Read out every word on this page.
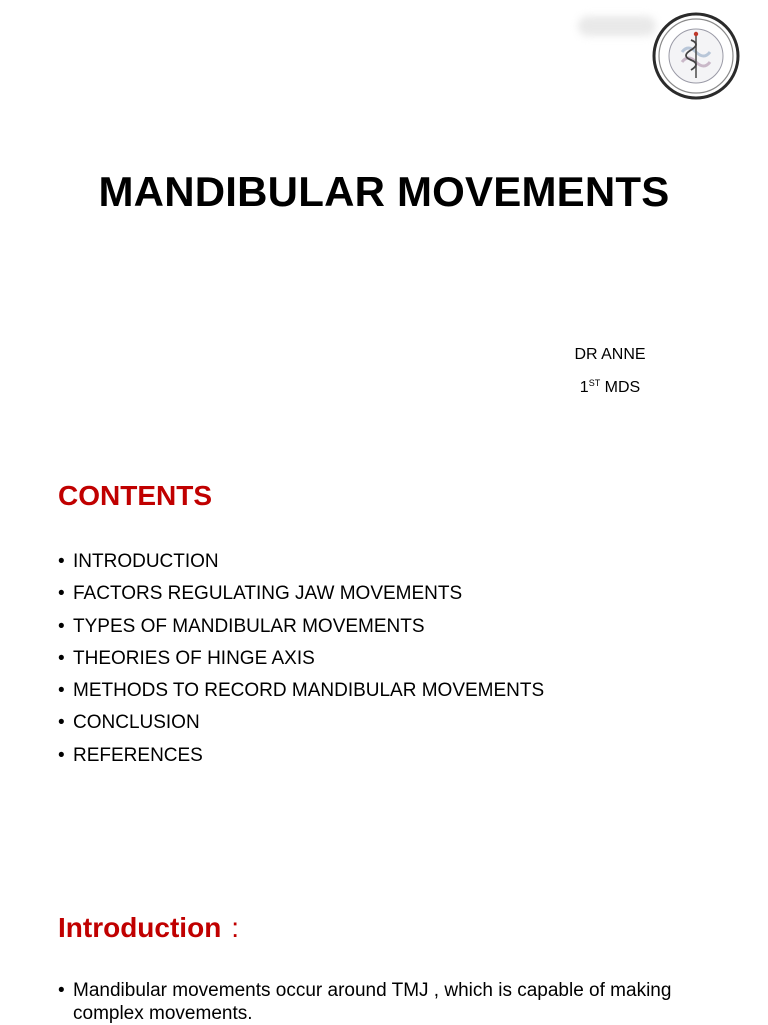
MANDIBULAR MOVEMENTS
DR ANNE
1ST MDS
CONTENTS
• INTRODUCTION
• FACTORS REGULATING JAW MOVEMENTS
• TYPES OF MANDIBULAR MOVEMENTS
• THEORIES OF HINGE AXIS
• METHODS TO RECORD MANDIBULAR MOVEMENTS
• CONCLUSION
• REFERENCES
Introduction :
• Mandibular movements occur around TMJ , which is capable of making complex movements.
